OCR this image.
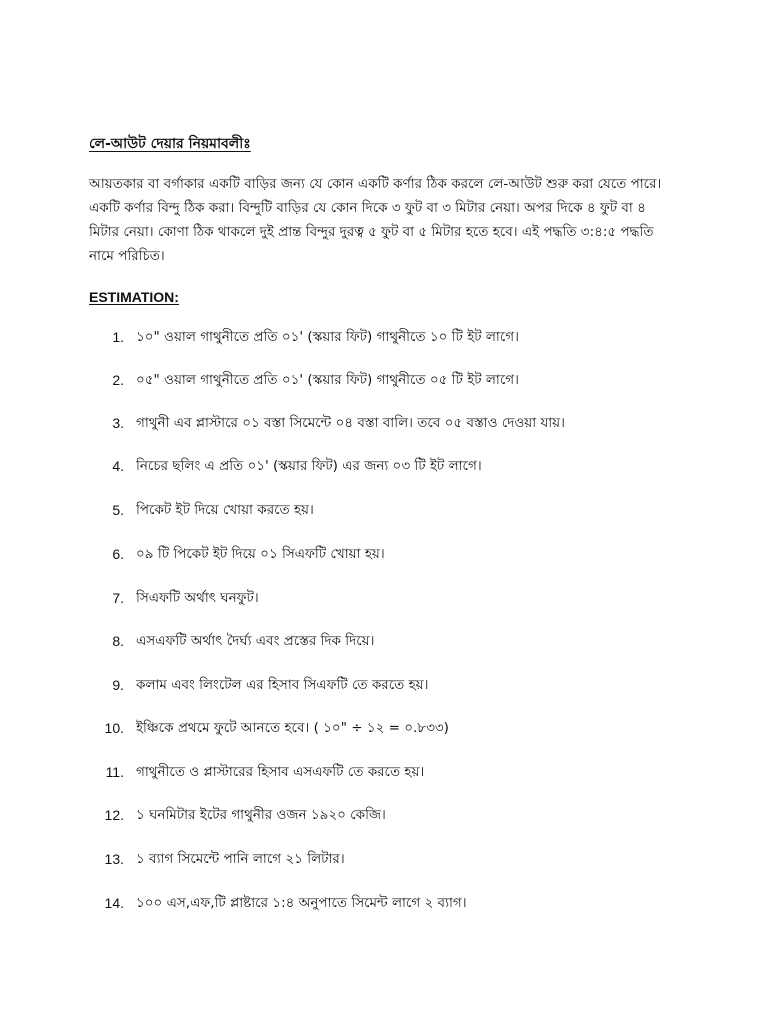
লে-আউট দেয়ার নিয়মাবলীঃ
আয়তকার বা বর্গাকার একটি বাড়ির জন্য যে কোন একটি কর্ণার ঠিক করলে লে-আউট শুরু করা যেতে পারে।
একটি কর্ণার বিন্দু ঠিক করা। বিন্দুটি বাড়ির যে কোন দিকে ৩ ফুট বা ৩ মিটার নেয়া। অপর দিকে ৪ ফুট বা ৪
মিটার নেয়া। কোণা ঠিক থাকলে দুই প্রান্ত বিন্দুর দুরত্ব ৫ ফুট বা ৫ মিটার হতে হবে। এই পদ্ধতি ৩:৪:৫ পদ্ধতি
নামে পরিচিত।
ESTIMATION:
1. ১০" ওয়াল গাথুনীতে প্রতি ০১' (স্কয়ার ফিট) গাথুনীতে ১০ টি ইট লাগে।
2. ০৫" ওয়াল গাথুনীতে প্রতি ০১' (স্কয়ার ফিট) গাথুনীতে ০৫ টি ইট লাগে।
3. গাথুনী এব প্লাস্টারে ০১ বস্তা সিমেন্টে ০৪ বস্তা বালি। তবে ০৫ বস্তাও দেওয়া যায়।
4. নিচের ছলিং এ প্রতি ০১' (স্কয়ার ফিট) এর জন্য ০৩ টি ইট লাগে।
5. পিকেট ইট দিয়ে খোয়া করতে হয়।
6. ০৯ টি পিকেট ইট দিয়ে ০১ সিএফটি খোয়া হয়।
7. সিএফটি অর্থাৎ ঘনফুট।
8. এসএফটি অর্থাৎ দৈর্ঘ্য এবং প্রস্তের দিক দিয়ে।
9. কলাম এবং লিংটেল এর হিসাব সিএফটি তে করতে হয়।
10. ইঞ্চিকে প্রথমে ফুটে আনতে হবে। ( ১০" ÷ ১২ = ০.৮৩৩)
11. গাথুনীতে ও প্লাস্টারের হিসাব এসএফটি তে করতে হয়।
12. ১ ঘনমিটার ইটের গাথুনীর ওজন ১৯২০ কেজি।
13. ১ ব্যাগ সিমেন্টে পানি লাগে ২১ লিটার।
14. ১০০ এস,এফ,টি প্লাষ্টারে ১:৪ অনুপাতে সিমেন্ট লাগে ২ ব্যাগ।
